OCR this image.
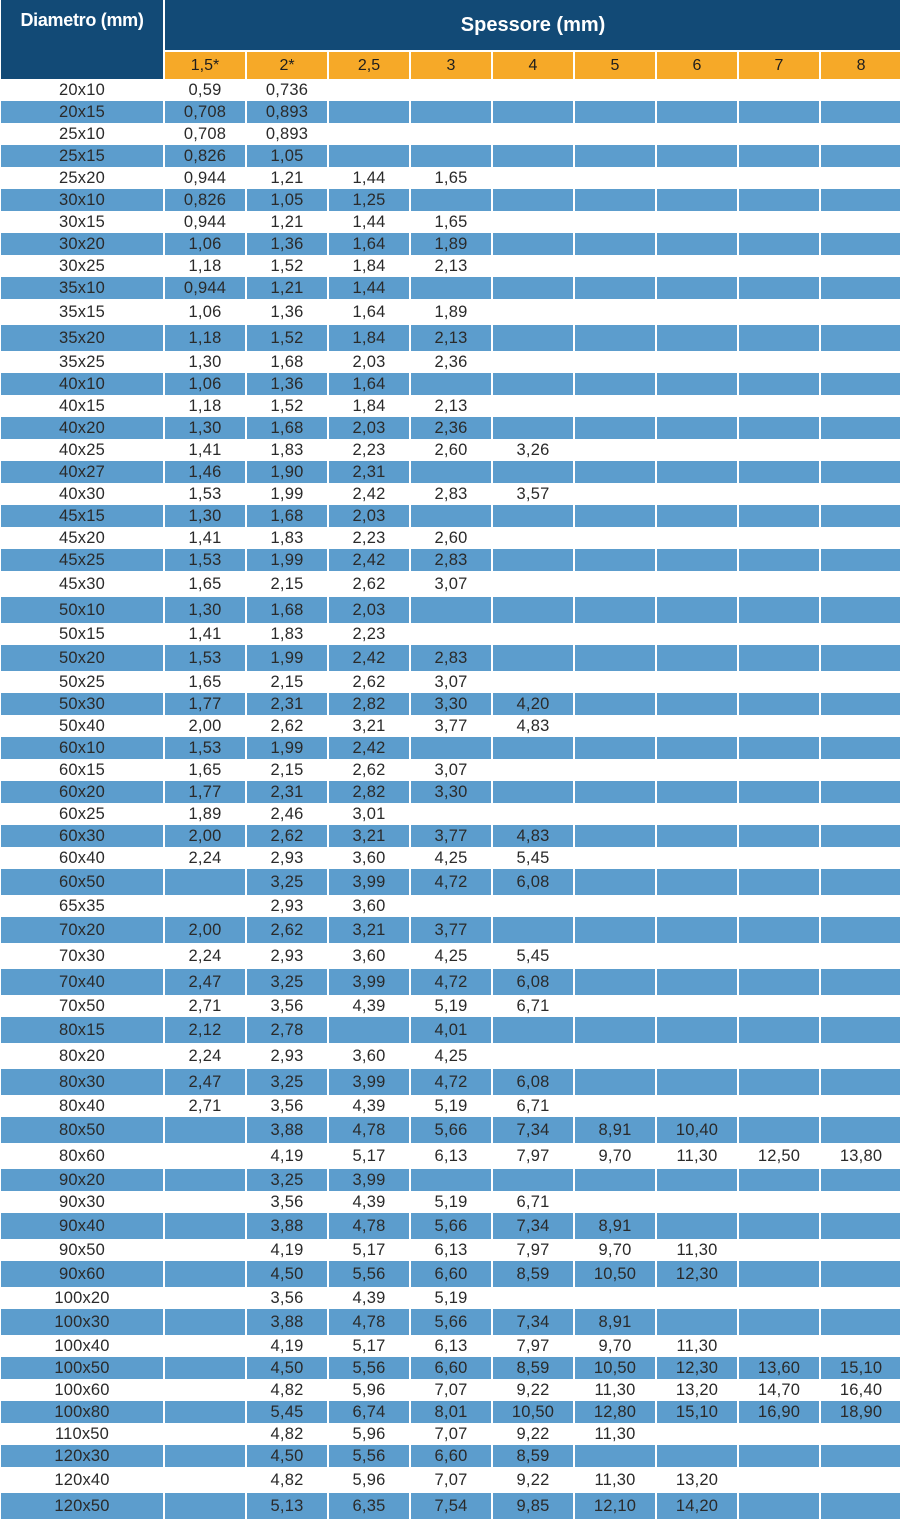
Diametro (mm)	Spessore (mm)								
	1,5*	2*	2,5	3	4	5	6	7	8
20x10	0,59	0,736							
20x15	0,708	0,893							
25x10	0,708	0,893							
25x15	0,826	1,05							
25x20	0,944	1,21	1,44	1,65					
30x10	0,826	1,05	1,25						
30x15	0,944	1,21	1,44	1,65					
30x20	1,06	1,36	1,64	1,89					
30x25	1,18	1,52	1,84	2,13					
35x10	0,944	1,21	1,44						
35x15	1,06	1,36	1,64	1,89					
35x20	1,18	1,52	1,84	2,13					
35x25	1,30	1,68	2,03	2,36					
40x10	1,06	1,36	1,64						
40x15	1,18	1,52	1,84	2,13					
40x20	1,30	1,68	2,03	2,36					
40x25	1,41	1,83	2,23	2,60	3,26				
40x27	1,46	1,90	2,31						
40x30	1,53	1,99	2,42	2,83	3,57				
45x15	1,30	1,68	2,03						
45x20	1,41	1,83	2,23	2,60					
45x25	1,53	1,99	2,42	2,83					
45x30	1,65	2,15	2,62	3,07					
50x10	1,30	1,68	2,03						
50x15	1,41	1,83	2,23						
50x20	1,53	1,99	2,42	2,83					
50x25	1,65	2,15	2,62	3,07					
50x30	1,77	2,31	2,82	3,30	4,20				
50x40	2,00	2,62	3,21	3,77	4,83				
60x10	1,53	1,99	2,42						
60x15	1,65	2,15	2,62	3,07					
60x20	1,77	2,31	2,82	3,30					
60x25	1,89	2,46	3,01						
60x30	2,00	2,62	3,21	3,77	4,83				
60x40	2,24	2,93	3,60	4,25	5,45				
60x50		3,25	3,99	4,72	6,08				
65x35		2,93	3,60						
70x20	2,00	2,62	3,21	3,77					
70x30	2,24	2,93	3,60	4,25	5,45				
70x40	2,47	3,25	3,99	4,72	6,08				
70x50	2,71	3,56	4,39	5,19	6,71				
80x15	2,12	2,78		4,01					
80x20	2,24	2,93	3,60	4,25					
80x30	2,47	3,25	3,99	4,72	6,08				
80x40	2,71	3,56	4,39	5,19	6,71				
80x50		3,88	4,78	5,66	7,34	8,91	10,40		
80x60		4,19	5,17	6,13	7,97	9,70	11,30	12,50	13,80
90x20		3,25	3,99						
90x30		3,56	4,39	5,19	6,71				
90x40		3,88	4,78	5,66	7,34	8,91			
90x50		4,19	5,17	6,13	7,97	9,70	11,30		
90x60		4,50	5,56	6,60	8,59	10,50	12,30		
100x20		3,56	4,39	5,19					
100x30		3,88	4,78	5,66	7,34	8,91			
100x40		4,19	5,17	6,13	7,97	9,70	11,30		
100x50		4,50	5,56	6,60	8,59	10,50	12,30	13,60	15,10
100x60		4,82	5,96	7,07	9,22	11,30	13,20	14,70	16,40
100x80		5,45	6,74	8,01	10,50	12,80	15,10	16,90	18,90
110x50		4,82	5,96	7,07	9,22	11,30			
120x30		4,50	5,56	6,60	8,59				
120x40		4,82	5,96	7,07	9,22	11,30	13,20		
120x50		5,13	6,35	7,54	9,85	12,10	14,20		
